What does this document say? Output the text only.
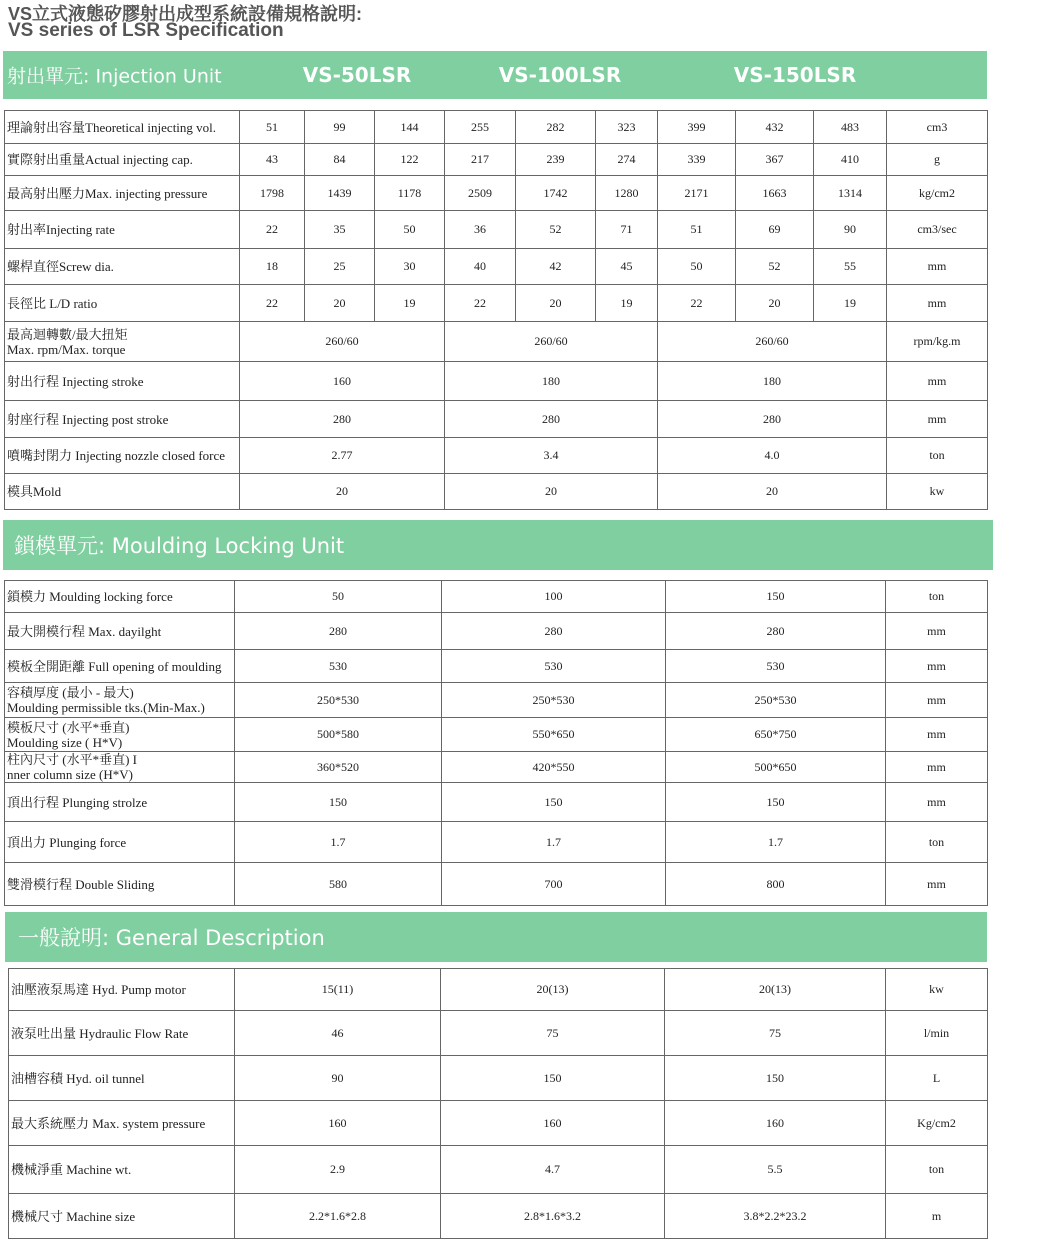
VS立式液態矽膠射出成型系統設備規格說明:
VS series of LSR Specification
射出單元: Injection Unit	VS-50LSR	VS-100LSR	VS-150LSR
理論射出容量Theoretical injecting vol.	51	99	144	255	282	323	399	432	483	cm3

實際射出重量Actual injecting cap.	43	84	122	217	239	274	339	367	410	g

最高射出壓力Max. injecting pressure	1798	1439	1178	2509	1742	1280	2171	1663	1314	kg/cm2

射出率Injecting rate	22	35	50	36	52	71	51	69	90	cm3/sec

螺桿直徑Screw dia.	18	25	30	40	42	45	50	52	55	mm

長徑比 L/D ratio	22	20	19	22	20	19	22	20	19	mm

最高迴轉數/最大扭矩
Max. rpm/Max. torque	260/60			260/60			260/60			rpm/kg.m

射出行程 Injecting stroke	160			180			180			mm

射座行程 Injecting post stroke	280			280			280			mm

噴嘴封閉力 Injecting nozzle closed force	2.77			3.4			4.0			ton

模具Mold	20			20			20			kw
鎖模單元: Moulding Locking Unit
鎖模力 Moulding locking force	50	100	150	ton

最大開模行程 Max. dayilght	280	280	280	mm

模板全開距離 Full opening of moulding	530	530	530	mm

容積厚度 (最小 - 最大)
Moulding permissible tks.(Min-Max.)	250*530	250*530	250*530	mm

模板尺寸 (水平*垂直)
Moulding size ( H*V)	500*580	550*650	650*750	mm

柱內尺寸 (水平*垂直) I
nner column size (H*V)	360*520	420*550	500*650	mm

頂出行程 Plunging strolze	150	150	150	mm

頂出力 Plunging force	1.7	1.7	1.7	ton

雙滑模行程 Double Sliding	580	700	800	mm
一般說明: General Description
油壓液泵馬達 Hyd. Pump motor	15(11)	20(13)	20(13)	kw

液泵吐出量 Hydraulic Flow Rate	46	75	75	l/min

油槽容積 Hyd. oil tunnel	90	150	150	L

最大系統壓力 Max. system pressure	160	160	160	Kg/cm2

機械淨重 Machine wt.	2.9	4.7	5.5	ton

機械尺寸 Machine size	2.2*1.6*2.8	2.8*1.6*3.2	3.8*2.2*23.2	m
